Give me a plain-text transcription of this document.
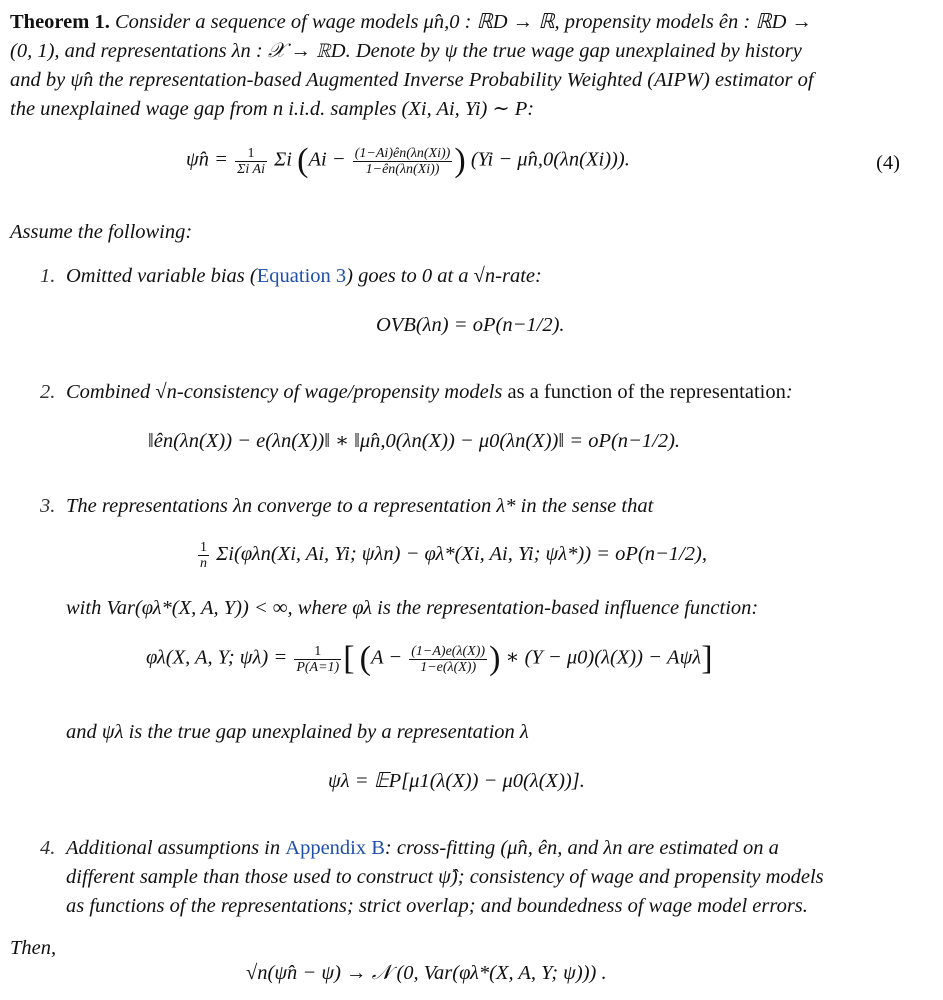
Theorem 1. Consider a sequence of wage models μ̂n,0 : ℝD → ℝ, propensity models ên : ℝD →
(0, 1), and representations λn : 𝒳 → ℝD. Denote by ψ the true wage gap unexplained by history
and by ψ̂n the representation-based Augmented Inverse Probability Weighted (AIPW) estimator of
the unexplained wage gap from n i.i.d. samples (Xi, Ai, Yi) ∼ P:
ψ̂n = $\frac{1}{\text{Σi Ai}}$ Σi ($Ai - \frac{(1-Ai)ên(\lambda n(Xi))}{1-ên(\lambda n(Xi))}$ ) (Yi − μ̂n,0(λn(Xi))).	(4)
Assume the following:
1. Omitted variable bias (Equation 3) goes to 0 at a √n-rate:
OVB(λn) = oP(n−1/2).
2. Combined √n-consistency of wage/propensity models as a function of the representation:
‖ên(λn(X)) − e(λn(X))‖ ∗ ‖μ̂n,0(λn(X)) − μ0(λn(X))‖ = oP(n−1/2).
3. The representations λn converge to a representation λ* in the sense that
$\frac{1}{n} \Sigma i(\varphi\lambda n(Xi$, Ai, Yi; ψλn) − φλ*(Xi, Ai, Yi; ψλ*)) = oP(n−1/2),
with Var(φλ*(X, A, Y)) < ∞, where φλ is the representation-based influence function:
φλ(X, A, Y; $\psi\lambda) = \frac{1}{P(A=1)}$ [ ($A - \frac{(1-A)e(\lambda(X))}{1-e(\lambda(X))}$ ) ∗ (Y − μ0)(λ(X)) − Aψλ]
and ψλ is the true gap unexplained by a representation λ
ψλ = 𝔼P[μ1(λ(X)) − μ0(λ(X))].
4. Additional assumptions in Appendix B: cross-fitting (μ̂n, ên, and λn are estimated on a
different sample than those used to construct ψ̂); consistency of wage and propensity models
as functions of the representations; strict overlap; and boundedness of wage model errors.
Then,
√n(ψ̂n − ψ) → 𝒩 (0, Var(φλ*(X, A, Y; ψ))) .
